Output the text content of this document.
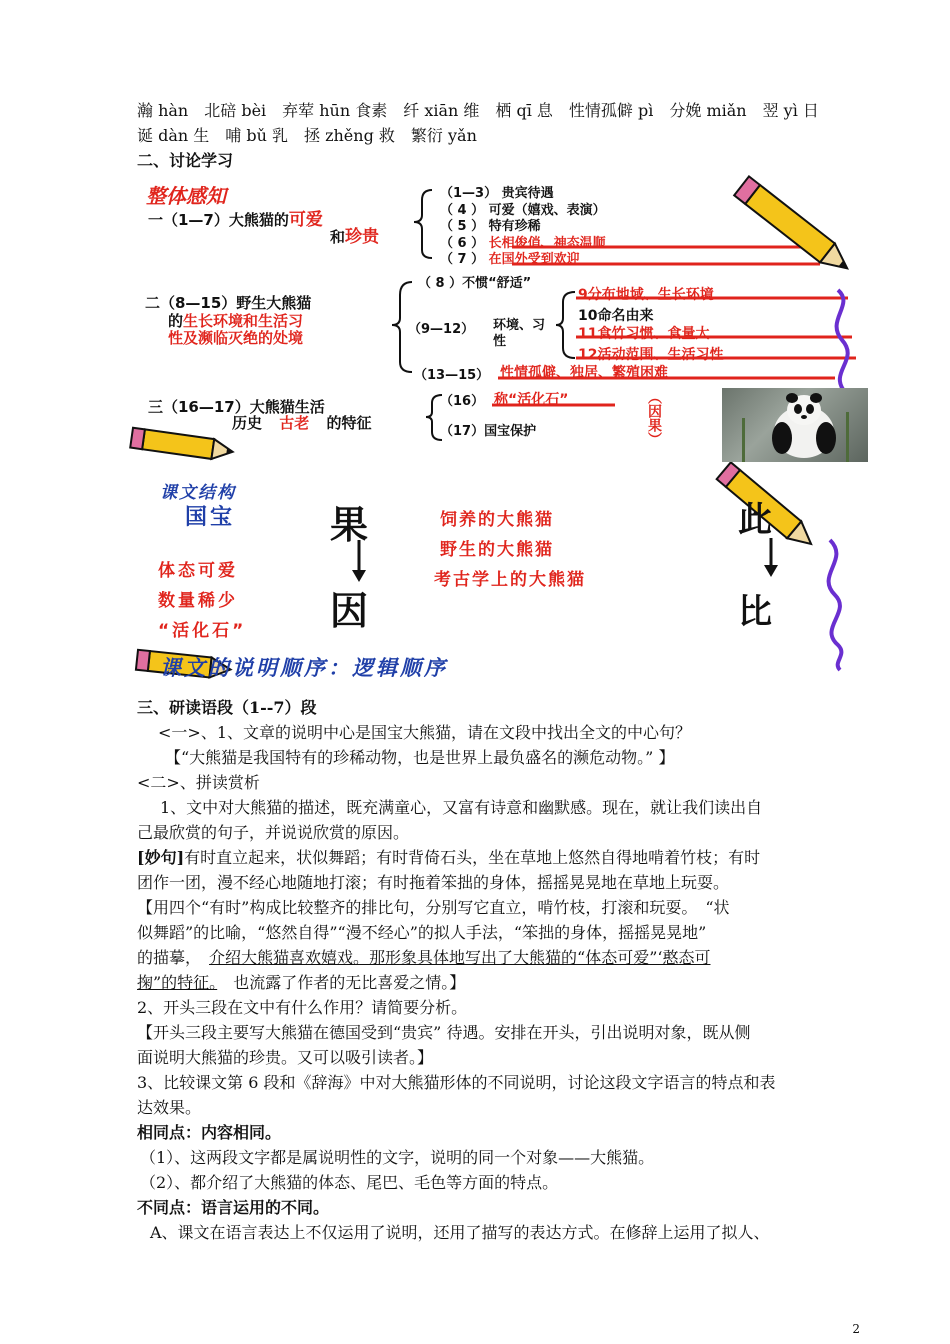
瀚 hàn　北碚 bèi　弃荤 hūn 食素　纤 xiān 维　栖 qī 息　性情孤僻 pì　分娩 miǎn　翌 yì 日
诞 dàn 生　哺 bǔ 乳　拯 zhěng 救　繁衍 yǎn
二、讨论学习
整体感知
一（1—7）大熊猫的可爱
和珍贵
（1—3） 贵宾待遇
（ 4 ） 可爱（嬉戏、表演）
（ 5 ） 特有珍稀
（ 6 ） 长相俊俏、神态温顺
（ 7 ） 在国外受到欢迎
二（8—15）野生大熊猫
的生长环境和生活习
性及濒临灭绝的处境
（ 8 ）不惯“舒适”
（9—12） 环境、习性
9分布地域、生长环境
10命名由来
11食竹习惯、食量大
12活动范围、生活习性
（13—15） 性情孤僻、独居、繁殖困难
三（16—17）大熊猫生活
历史 古老 的特征
（16） 称“活化石”
（17）国宝保护	（因果）
课文结构
国宝 果
因
体态可爱
数量稀少
“活化石”
饲养的大熊猫
野生的大熊猫
考古学上的大熊猫
此
比
课文的说明顺序：逻辑顺序
三、研读语段（1--7）段
<一>、1、文章的说明中心是国宝大熊猫，请在文段中找出全文的中心句？
【“大熊猫是我国特有的珍稀动物，也是世界上最负盛名的濒危动物。” 】
<二>、拼读赏析
1、文中对大熊猫的描述，既充满童心，又富有诗意和幽默感。现在，就让我们读出自
己最欣赏的句子，并说说欣赏的原因。
[妙句]有时直立起来，状似舞蹈；有时背倚石头，坐在草地上悠然自得地啃着竹枝；有时
团作一团，漫不经心地随地打滚；有时拖着笨拙的身体，摇摇晃晃地在草地上玩耍。
【用四个“有时”构成比较整齐的排比句，分别写它直立，啃竹枝，打滚和玩耍。　“状
似舞蹈”的比喻，“悠然自得”“漫不经心”的拟人手法，“笨拙的身体，摇摇晃晃地”
的描摹，　 介绍大熊猫喜欢嬉戏。那形象具体地写出了大熊猫的“体态可爱”‘憨态可
掬”的特征。　 也流露了作者的无比喜爱之情。】
2、开头三段在文中有什么作用？请简要分析。
【开头三段主要写大熊猫在德国受到“贵宾” 待遇。安排在开头，引出说明对象，既从侧
面说明大熊猫的珍贵。又可以吸引读者。】
3、比较课文第 6 段和《辞海》中对大熊猫形体的不同说明，讨论这段文字语言的特点和表
达效果。
相同点：内容相同。
（1）、这两段文字都是属说明性的文字，说明的同一个对象——大熊猫。
（2）、都介绍了大熊猫的体态、尾巴、毛色等方面的特点。
不同点：语言运用的不同。
A、课文在语言表达上不仅运用了说明，还用了描写的表达方式。在修辞上运用了拟人、
2
